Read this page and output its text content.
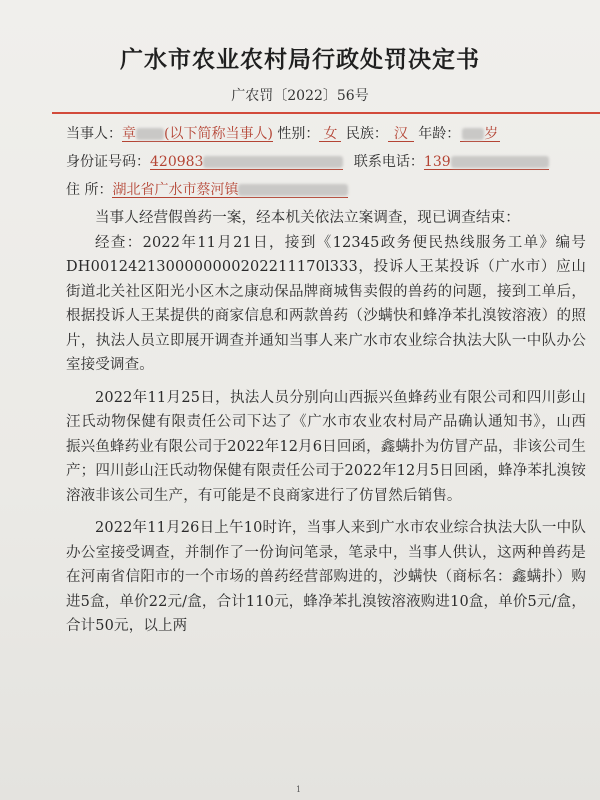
广水市农业农村局行政处罚决定书
广农罚〔2022〕56号
当事人：章 (以下简称当事人) 性别： 女 民族： 汉 年龄： 岁
身份证号码：420983	联系电话：139
住 所：湖北省广水市蔡河镇

当事人经营假兽药一案，经本机关依法立案调查，现已调查结束：

经查：2022年11月21日，接到《12345政务便民热线服务工单》编号DH0012421300000000202211170l333，投诉人王某投诉（广水市）应山街道北关社区阳光小区木之康动保品牌商城售卖假的兽药的问题，接到工单后，根据投诉人王某提供的商家信息和两款兽药（沙螨快和蜂净苯扎溴铵溶液）的照片，执法人员立即展开调查并通知当事人来广水市农业综合执法大队一中队办公室接受调查。

2022年11月25日，执法人员分别向山西振兴鱼蜂药业有限公司和四川彭山汪氏动物保健有限责任公司下达了《广水市农业农村局产品确认通知书》，山西振兴鱼蜂药业有限公司于2022年12月6日回函，鑫螨扑为仿冒产品，非该公司生产；四川彭山汪氏动物保健有限责任公司于2022年12月5日回函，蜂净苯扎溴铵溶液非该公司生产，有可能是不良商家进行了仿冒然后销售。

2022年11月26日上午10时许，当事人来到广水市农业综合执法大队一中队办公室接受调查，并制作了一份询问笔录，笔录中，当事人供认，这两种兽药是在河南省信阳市的一个市场的兽药经营部购进的，沙螨快（商标名：鑫螨扑）购进5盒，单价22元/盒，合计110元，蜂净苯扎溴铵溶液购进10盒，单价5元/盒，合计50元，以上两

1
